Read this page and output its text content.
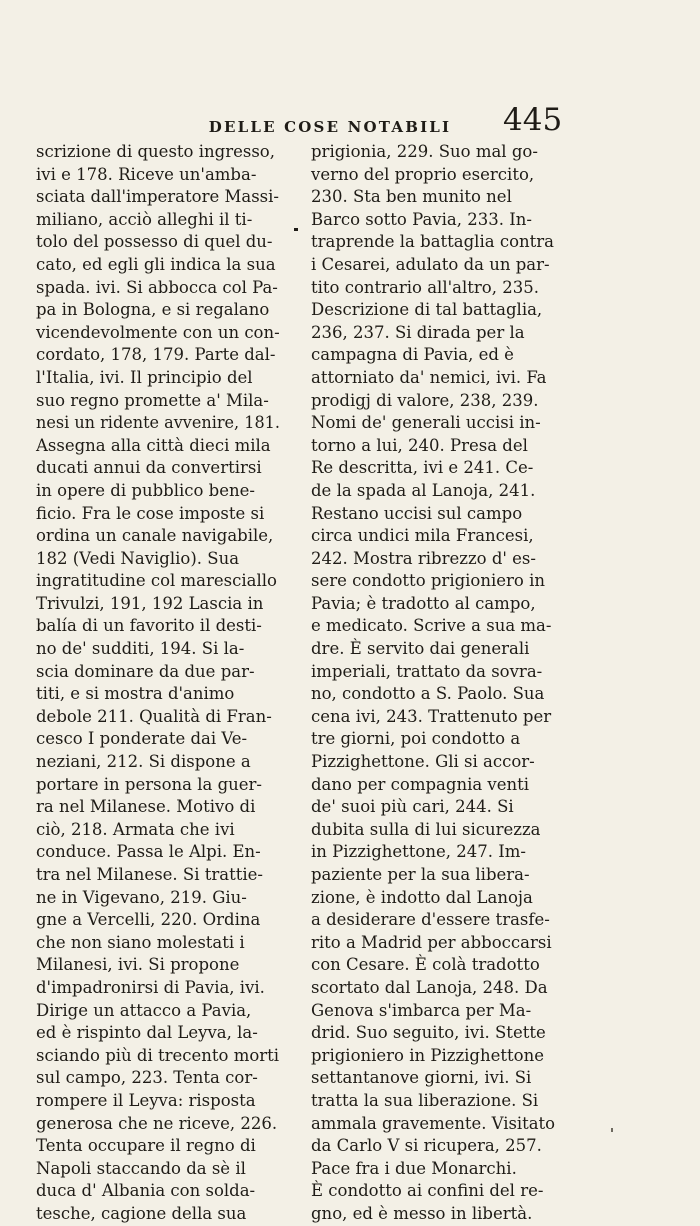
DELLE COSE NOTABILI	445
scrizione di questo ingresso,
ivi e 178. Riceve un'amba-
sciata dall'imperatore Massi-
miliano, acciò alleghi il ti-
tolo del possesso di quel du-
cato, ed egli gli indica la sua
spada. ivi. Si abbocca col Pa-
pa in Bologna, e si regalano
vicendevolmente con un con-
cordato, 178, 179. Parte dal-
l'Italia, ivi. Il principio del
suo regno promette a' Mila-
nesi un ridente avvenire, 181.
Assegna alla città dieci mila
ducati annui da convertirsi
in opere di pubblico bene-
ficio. Fra le cose imposte si
ordina un canale navigabile,
182 (Vedi Naviglio). Sua
ingratitudine col maresciallo
Trivulzi, 191, 192 Lascia in
balía di un favorito il desti-
no de' sudditi, 194. Si la-
scia dominare da due par-
titi, e si mostra d'animo
debole 211. Qualità di Fran-
cesco I ponderate dai Ve-
neziani, 212. Si dispone a
portare in persona la guer-
ra nel Milanese. Motivo di
ciò, 218. Armata che ivi
conduce. Passa le Alpi. En-
tra nel Milanese. Si trattie-
ne in Vigevano, 219. Giu-
gne a Vercelli, 220. Ordina
che non siano molestati i
Milanesi, ivi. Si propone
d'impadronirsi di Pavia, ivi.
Dirige un attacco a Pavia,
ed è rispinto dal Leyva, la-
sciando più di trecento morti
sul campo, 223. Tenta cor-
rompere il Leyva: risposta
generosa che ne riceve, 226.
Tenta occupare il regno di
Napoli staccando da sè il
duca d' Albania con solda-
tesche, cagione della sua
prigionia, 229. Suo mal go-
verno del proprio esercito,
230. Sta ben munito nel
Barco sotto Pavia, 233. In-
traprende la battaglia contra
i Cesarei, adulato da un par-
tito contrario all'altro, 235.
Descrizione di tal battaglia,
236, 237. Si dirada per la
campagna di Pavia, ed è
attorniato da' nemici, ivi. Fa
prodigj di valore, 238, 239.
Nomi de' generali uccisi in-
torno a lui, 240. Presa del
Re descritta, ivi e 241. Ce-
de la spada al Lanoja, 241.
Restano uccisi sul campo
circa undici mila Francesi,
242. Mostra ribrezzo d' es-
sere condotto prigioniero in
Pavia; è tradotto al campo,
e medicato. Scrive a sua ma-
dre. È servito dai generali
imperiali, trattato da sovra-
no, condotto a S. Paolo. Sua
cena ivi, 243. Trattenuto per
tre giorni, poi condotto a
Pizzighettone. Gli si accor-
dano per compagnia venti
de' suoi più cari, 244. Si
dubita sulla di lui sicurezza
in Pizzighettone, 247. Im-
paziente per la sua libera-
zione, è indotto dal Lanoja
a desiderare d'essere trasfe-
rito a Madrid per abboccarsi
con Cesare. È colà tradotto
scortato dal Lanoja, 248. Da
Genova s'imbarca per Ma-
drid. Suo seguito, ivi. Stette
prigioniero in Pizzighettone
settantanove giorni, ivi. Si
tratta la sua liberazione. Si
ammala gravemente. Visitato
da Carlo V si ricupera, 257.
Pace fra i due Monarchi.
È condotto ai confini del re-
gno, ed è messo in libertà.
